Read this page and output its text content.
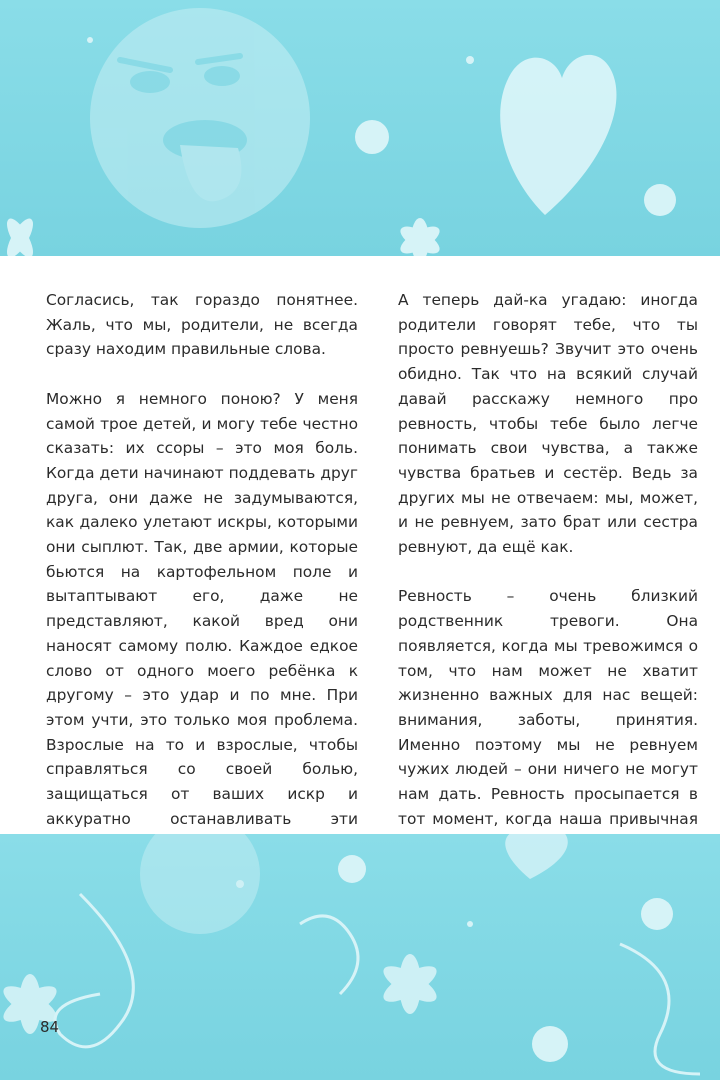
Согласись, так гораздо понятнее. Жаль, что мы, родители, не всегда сразу находим правильные слова.

Можно я немного поною? У меня самой трое детей, и могу тебе честно сказать: их ссоры – это моя боль. Когда дети начинают поддевать друг друга, они даже не задумываются, как далеко улетают искры, которыми они сыплют. Так, две армии, которые бьются на картофельном поле и вытаптывают его, даже не представляют, какой вред они наносят самому полю. Каждое едкое слово от одного моего ребёнка к другому – это удар и по мне. При этом учти, это только моя проблема. Взрослые на то и взрослые, чтобы справляться со своей болью, защищаться от ваших искр и аккуратно останавливать эти

А теперь дай-ка угадаю: иногда родители говорят тебе, что ты просто ревнуешь? Звучит это очень обидно. Так что на всякий случай давай расскажу немного про ревность, чтобы тебе было легче понимать свои чувства, а также чувства братьев и сестёр. Ведь за других мы не отвечаем: мы, может, и не ревнуем, зато брат или сестра ревнуют, да ещё как.

Ревность – очень близкий родственник тревоги. Она появляется, когда мы тревожимся о том, что нам может не хватит жизненно важных для нас вещей: внимания, заботы, принятия. Именно поэтому мы не ревнуем чужих людей – они ничего не могут нам дать. Ревность просыпается в тот момент, когда наша привычная

84
